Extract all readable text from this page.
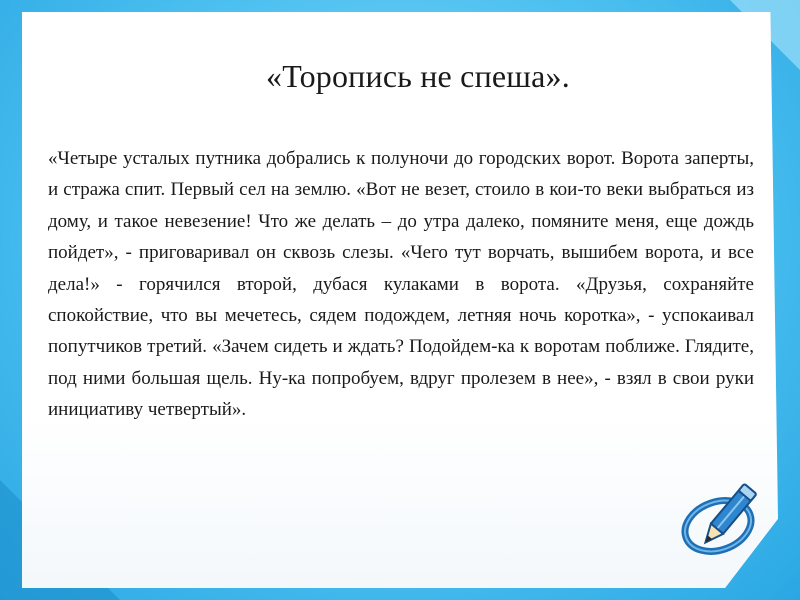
«Торопись не спеша».

«Четыре усталых путника добрались к полуночи до городских ворот. Ворота заперты, и стража спит. Первый сел на землю. «Вот не везет, стоило в кои-то веки выбраться из дому, и такое невезение! Что же делать – до утра далеко, помяните меня, еще дождь пойдет», - приговаривал он сквозь слезы. «Чего тут ворчать, вышибем ворота, и все дела!» - горячился второй, дубася кулаками в ворота. «Друзья, сохраняйте спокойствие, что вы мечетесь, сядем подождем, летняя ночь коротка», - успокаивал попутчиков третий. «Зачем сидеть и ждать? Подойдем-ка к воротам поближе. Глядите, под ними большая щель. Ну-ка попробуем, вдруг пролезем в нее», - взял в свои руки инициативу четвертый».
